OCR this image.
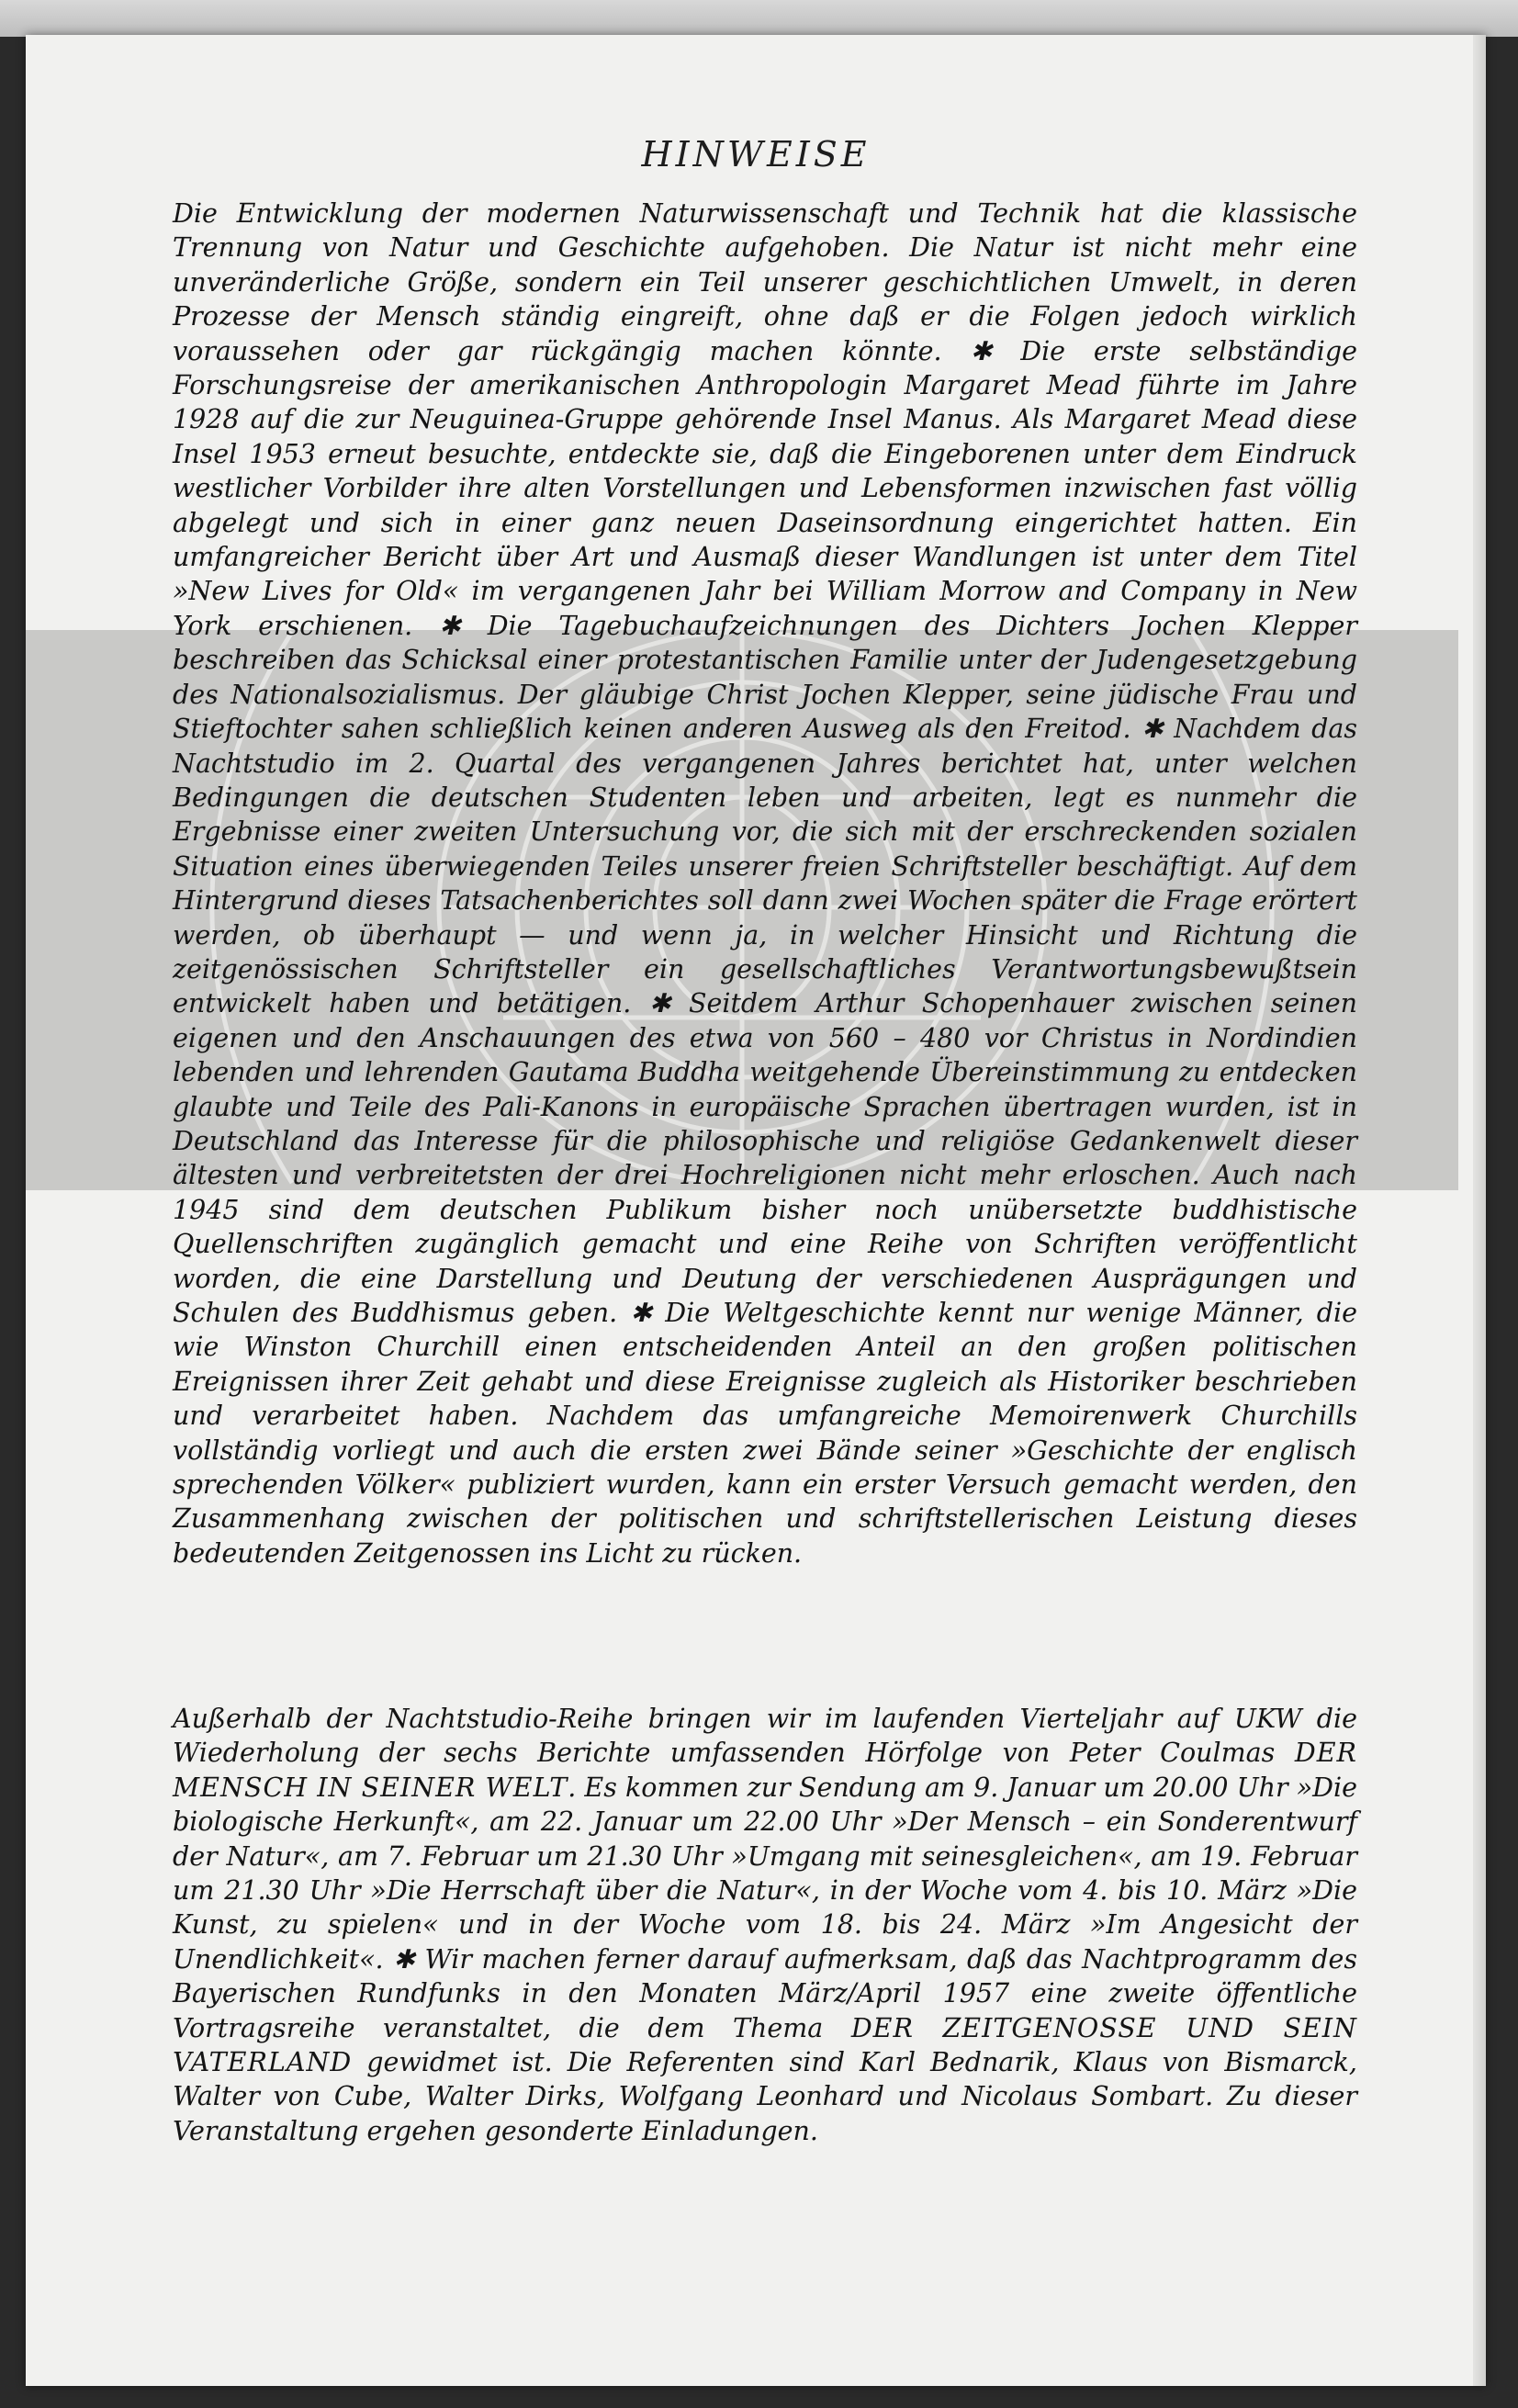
HINWEISE
Die Entwicklung der modernen Naturwissenschaft und Technik hat die klassische Trennung von Natur und Geschichte aufgehoben. Die Natur ist nicht mehr eine unveränderliche Größe, sondern ein Teil unserer geschichtlichen Umwelt, in deren Prozesse der Mensch ständig eingreift, ohne daß er die Folgen jedoch wirklich voraussehen oder gar rückgängig machen könnte. ✱ Die erste selbständige Forschungsreise der amerikanischen Anthropologin Margaret Mead führte im Jahre 1928 auf die zur Neuguinea-Gruppe gehörende Insel Manus. Als Margaret Mead diese Insel 1953 erneut besuchte, entdeckte sie, daß die Eingeborenen unter dem Eindruck westlicher Vorbilder ihre alten Vorstellungen und Lebensformen inzwischen fast völlig abgelegt und sich in einer ganz neuen Daseinsordnung eingerichtet hatten. Ein umfangreicher Bericht über Art und Ausmaß dieser Wandlungen ist unter dem Titel »New Lives for Old« im vergangenen Jahr bei William Morrow and Company in New York erschienen. ✱ Die Tagebuchaufzeichnungen des Dichters Jochen Klepper beschreiben das Schicksal einer protestantischen Familie unter der Judengesetzgebung des Nationalsozialismus. Der gläubige Christ Jochen Klepper, seine jüdische Frau und Stieftochter sahen schließlich keinen anderen Ausweg als den Freitod. ✱ Nachdem das Nachtstudio im 2. Quartal des vergangenen Jahres berichtet hat, unter welchen Bedingungen die deutschen Studenten leben und arbeiten, legt es nunmehr die Ergebnisse einer zweiten Untersuchung vor, die sich mit der erschreckenden sozialen Situation eines überwiegenden Teiles unserer freien Schriftsteller beschäftigt. Auf dem Hintergrund dieses Tatsachenberichtes soll dann zwei Wochen später die Frage erörtert werden, ob überhaupt — und wenn ja, in welcher Hinsicht und Richtung die zeitgenössischen Schriftsteller ein gesellschaftliches Verantwortungsbewußtsein entwickelt haben und betätigen. ✱ Seitdem Arthur Schopenhauer zwischen seinen eigenen und den Anschauungen des etwa von 560 – 480 vor Christus in Nordindien lebenden und lehrenden Gautama Buddha weitgehende Übereinstimmung zu entdecken glaubte und Teile des Pali-Kanons in europäische Sprachen übertragen wurden, ist in Deutschland das Interesse für die philosophische und religiöse Gedankenwelt dieser ältesten und verbreitetsten der drei Hochreligionen nicht mehr erloschen. Auch nach 1945 sind dem deutschen Publikum bisher noch unübersetzte buddhistische Quellenschriften zugänglich gemacht und eine Reihe von Schriften veröffentlicht worden, die eine Darstellung und Deutung der verschiedenen Ausprägungen und Schulen des Buddhismus geben. ✱ Die Weltgeschichte kennt nur wenige Männer, die wie Winston Churchill einen entscheidenden Anteil an den großen politischen Ereignissen ihrer Zeit gehabt und diese Ereignisse zugleich als Historiker beschrieben und verarbeitet haben. Nachdem das umfangreiche Memoirenwerk Churchills vollständig vorliegt und auch die ersten zwei Bände seiner »Geschichte der englisch sprechenden Völker« publiziert wurden, kann ein erster Versuch gemacht werden, den Zusammenhang zwischen der politischen und schriftstellerischen Leistung dieses bedeutenden Zeitgenossen ins Licht zu rücken.
Außerhalb der Nachtstudio-Reihe bringen wir im laufenden Vierteljahr auf UKW die Wiederholung der sechs Berichte umfassenden Hörfolge von Peter Coulmas DER MENSCH IN SEINER WELT. Es kommen zur Sendung am 9. Januar um 20.00 Uhr »Die biologische Herkunft«, am 22. Januar um 22.00 Uhr »Der Mensch – ein Sonderentwurf der Natur«, am 7. Februar um 21.30 Uhr »Umgang mit seinesgleichen«, am 19. Februar um 21.30 Uhr »Die Herrschaft über die Natur«, in der Woche vom 4. bis 10. März »Die Kunst, zu spielen« und in der Woche vom 18. bis 24. März »Im Angesicht der Unendlichkeit«. ✱ Wir machen ferner darauf aufmerksam, daß das Nachtprogramm des Bayerischen Rundfunks in den Monaten März/April 1957 eine zweite öffentliche Vortragsreihe veranstaltet, die dem Thema DER ZEITGENOSSE UND SEIN VATERLAND gewidmet ist. Die Referenten sind Karl Bednarik, Klaus von Bismarck, Walter von Cube, Walter Dirks, Wolfgang Leonhard und Nicolaus Sombart. Zu dieser Veranstaltung ergehen gesonderte Einladungen.
